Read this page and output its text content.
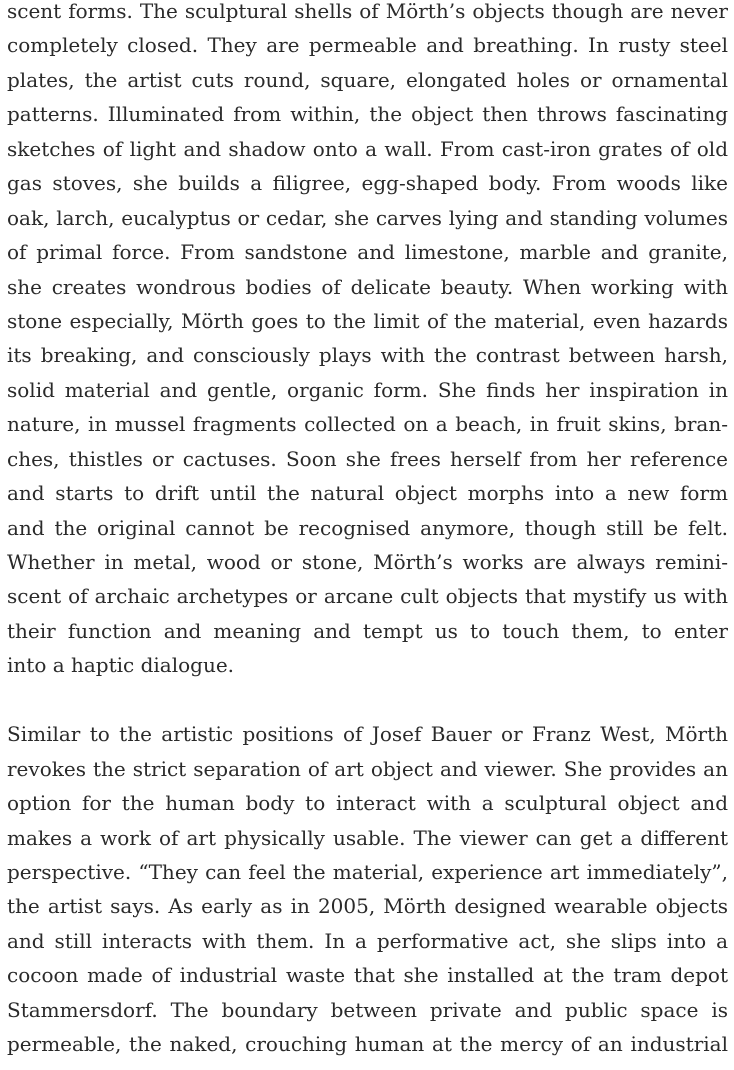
scent forms. The sculptural shells of Mörth’s objects though are never
completely closed. They are permeable and breathing. In rusty steel
plates, the artist cuts round, square, elongated holes or ornamental
patterns. Illuminated from within, the object then throws fascinating
sketches of light and shadow onto a wall. From cast-iron grates of old
gas stoves, she builds a filigree, egg-shaped body. From woods like
oak, larch, eucalyptus or cedar, she carves lying and standing volumes
of primal force. From sandstone and limestone, marble and granite,
she creates wondrous bodies of delicate beauty. When working with
stone especially, Mörth goes to the limit of the material, even hazards
its breaking, and consciously plays with the contrast between harsh,
solid material and gentle, organic form. She finds her inspiration in
nature, in mussel fragments collected on a beach, in fruit skins, bran-
ches, thistles or cactuses. Soon she frees herself from her reference
and starts to drift until the natural object morphs into a new form
and the original cannot be recognised anymore, though still be felt.
Whether in metal, wood or stone, Mörth’s works are always remini-
scent of archaic archetypes or arcane cult objects that mystify us with
their function and meaning and tempt us to touch them, to enter
into a haptic dialogue.
Similar to the artistic positions of Josef Bauer or Franz West, Mörth
revokes the strict separation of art object and viewer. She provides an
option for the human body to interact with a sculptural object and
makes a work of art physically usable. The viewer can get a different
perspective. “They can feel the material, experience art immediately”,
the artist says. As early as in 2005, Mörth designed wearable objects
and still interacts with them. In a performative act, she slips into a
cocoon made of industrial waste that she installed at the tram depot
Stammersdorf. The boundary between private and public space is
permeable, the naked, crouching human at the mercy of an industrial
